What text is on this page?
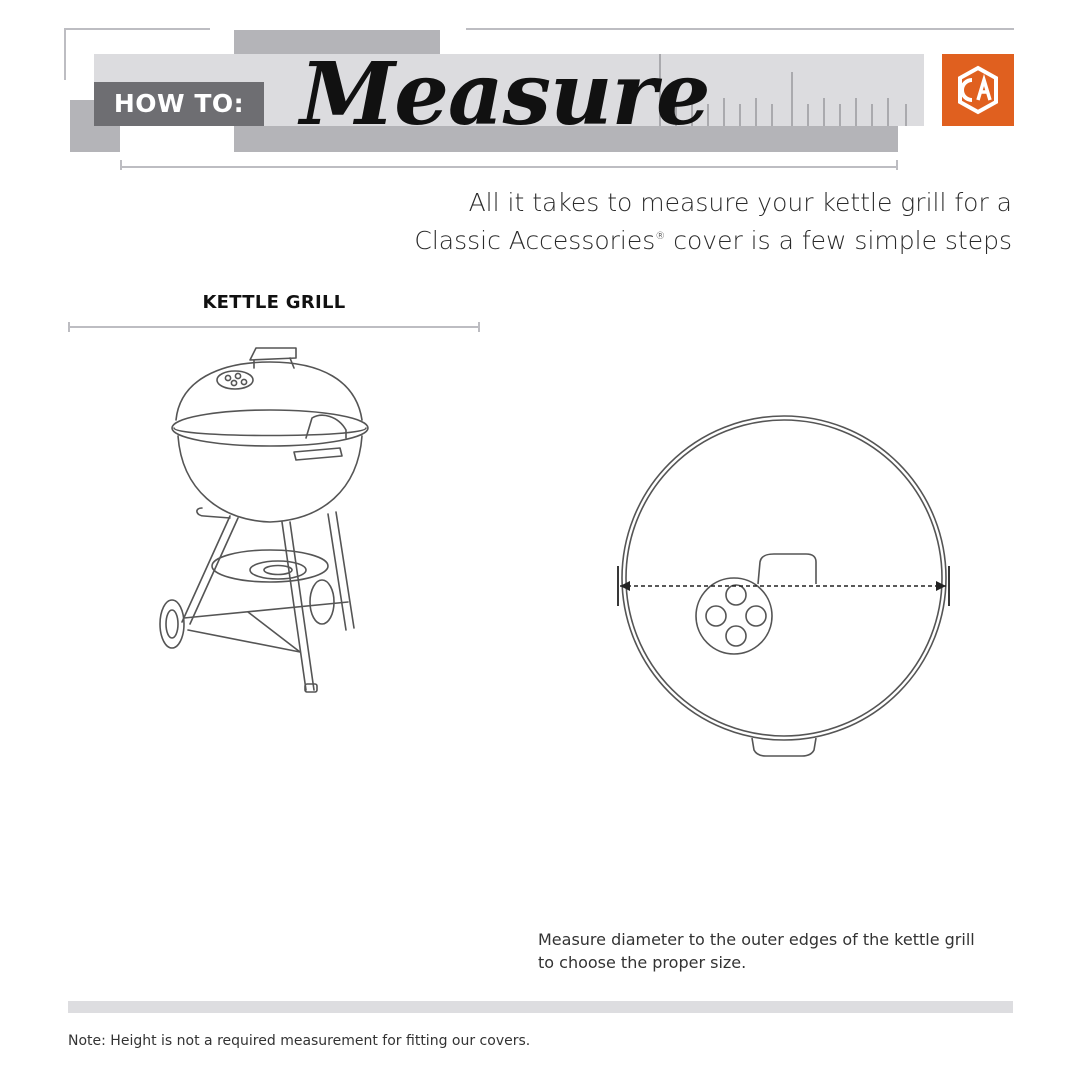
HOW TO: Measure
All it takes to measure your kettle grill for a
Classic Accessories® cover is a few simple steps
KETTLE GRILL
Measure diameter to the outer edges of the kettle grill
to choose the proper size.
Note: Height is not a required measurement for fitting our covers.
